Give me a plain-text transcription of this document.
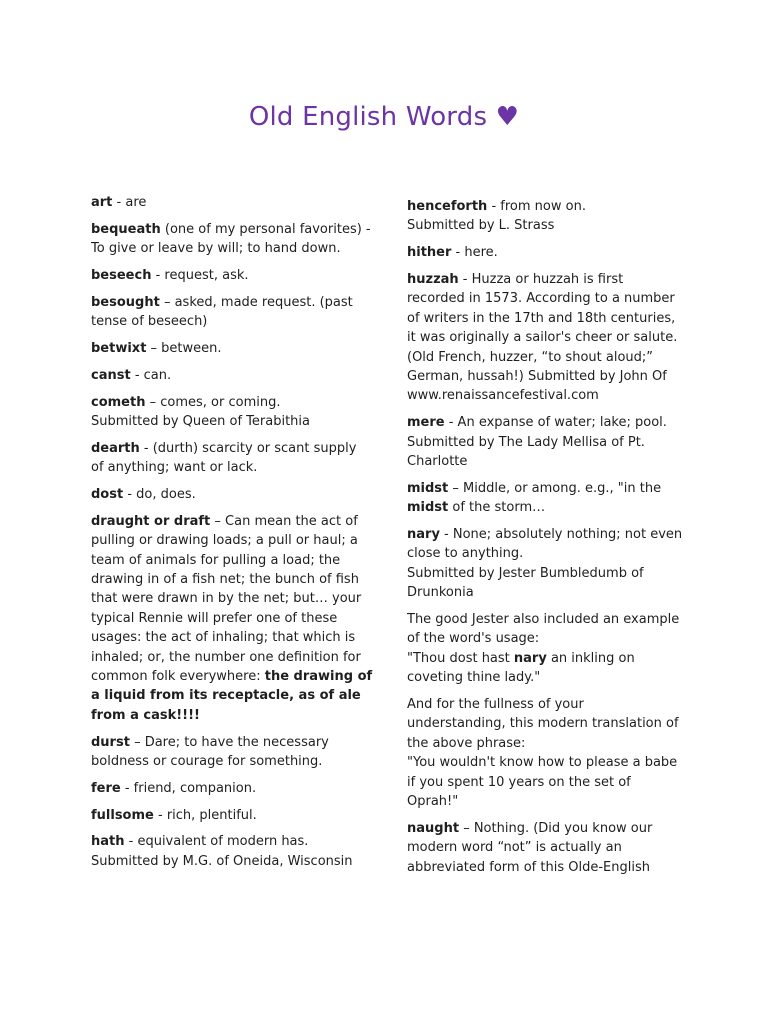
Old English Words ♥
art - are
bequeath (one of my personal favorites) - To give or leave by will; to hand down.
beseech - request, ask.
besought – asked, made request. (past tense of beseech)
betwixt – between.
canst - can.
cometh – comes, or coming.
Submitted by Queen of Terabithia
dearth - (durth) scarcity or scant supply of anything; want or lack.
dost - do, does.
draught or draft – Can mean the act of pulling or drawing loads; a pull or haul; a team of animals for pulling a load; the drawing in of a fish net; the bunch of fish that were drawn in by the net; but… your typical Rennie will prefer one of these usages: the act of inhaling; that which is inhaled; or, the number one definition for common folk everywhere: the drawing of a liquid from its receptacle, as of ale from a cask!!!!
durst – Dare; to have the necessary boldness or courage for something.
fere - friend, companion.
fullsome - rich, plentiful.
hath - equivalent of modern has.
Submitted by M.G. of Oneida, Wisconsin
henceforth - from now on.
Submitted by L. Strass
hither - here.
huzzah - Huzza or huzzah is first recorded in 1573. According to a number of writers in the 17th and 18th centuries, it was originally a sailor's cheer or salute. (Old French, huzzer, “to shout aloud;” German, hussah!) Submitted by John Of www.renaissancefestival.com
mere - An expanse of water; lake; pool. Submitted by The Lady Mellisa of Pt. Charlotte
midst – Middle, or among. e.g., "in the midst of the storm…
nary - None; absolutely nothing; not even close to anything.
Submitted by Jester Bumbledumb of Drunkonia
The good Jester also included an example of the word's usage:
"Thou dost hast nary an inkling on coveting thine lady."
And for the fullness of your understanding, this modern translation of the above phrase:
"You wouldn't know how to please a babe if you spent 10 years on the set of Oprah!"
naught – Nothing. (Did you know our modern word “not” is actually an abbreviated form of this Olde-English
